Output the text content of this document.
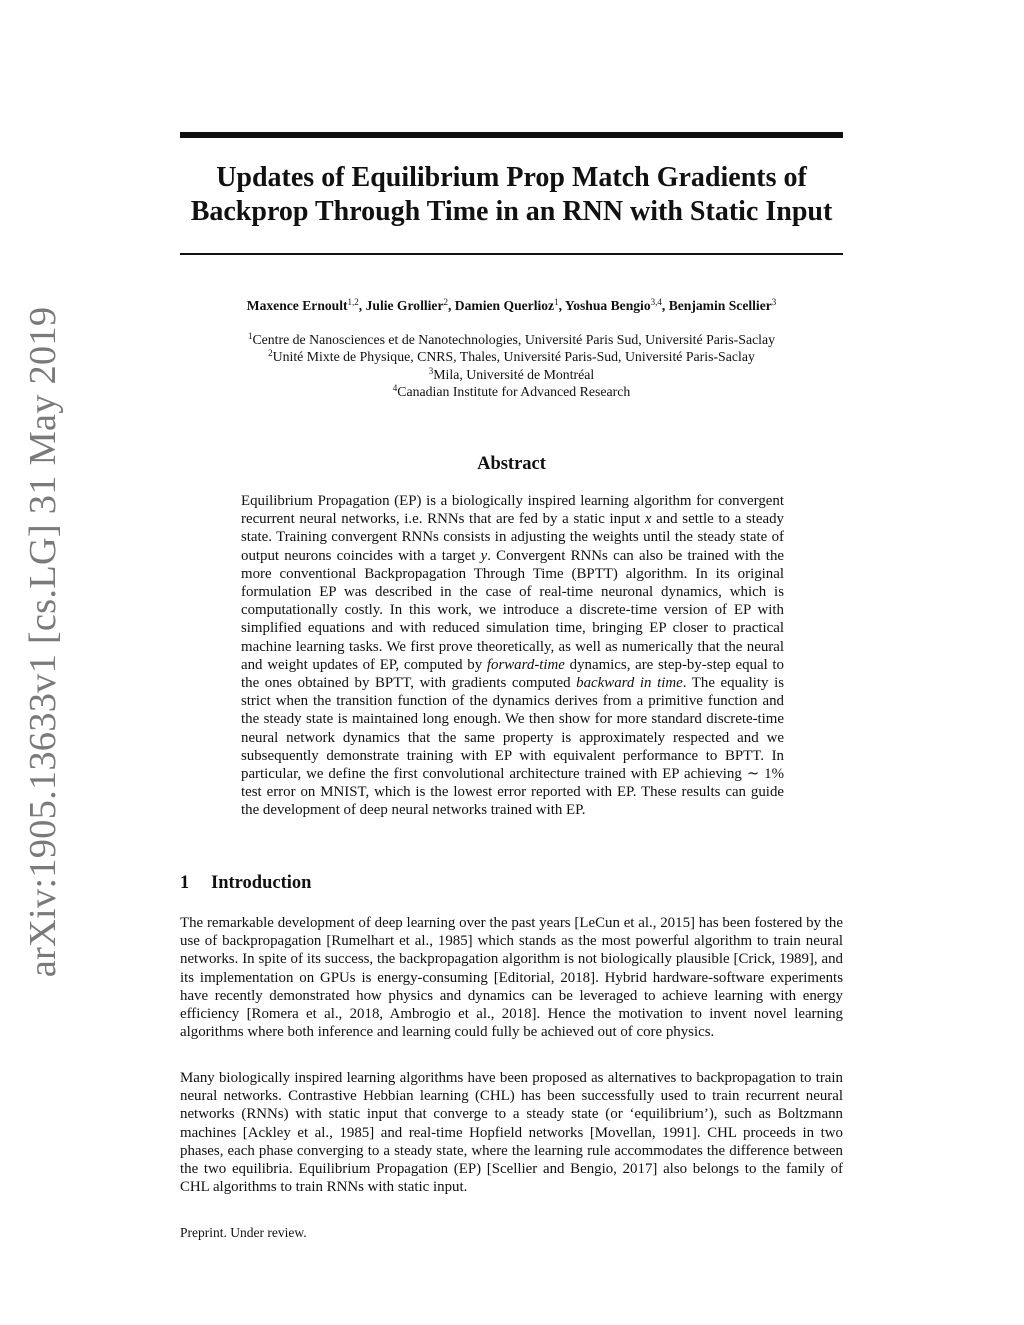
arXiv:1905.13633v1 [cs.LG] 31 May 2019
Updates of Equilibrium Prop Match Gradients of
Backprop Through Time in an RNN with Static Input
Maxence Ernoult$^{1,2}$, Julie Grollier$^2$, Damien Querlioz$^1$, Yoshua Bengio$^{3,4}$, Benjamin Scellier$^3$
$^1$Centre de Nanosciences et de Nanotechnologies, Université Paris Sud, Université Paris-Saclay
$^2$Unité Mixte de Physique, CNRS, Thales, Université Paris-Sud, Université Paris-Saclay
$^3$Mila, Université de Montréal
$^4$Canadian Institute for Advanced Research
Abstract

Equilibrium Propagation (EP) is a biologically inspired learning algorithm for convergent recurrent neural networks, i.e. RNNs that are fed by a static input x and settle to a steady state. Training convergent RNNs consists in adjusting the weights until the steady state of output neurons coincides with a target y. Convergent RNNs can also be trained with the more conventional Backpropagation Through Time (BPTT) algorithm. In its original formulation EP was described in the case of real-time neuronal dynamics, which is computationally costly. In this work, we introduce a discrete-time version of EP with simplified equations and with reduced simulation time, bringing EP closer to practical machine learning tasks. We first prove theoretically, as well as numerically that the neural and weight updates of EP, computed by forward-time dynamics, are step-by-step equal to the ones obtained by BPTT, with gradients computed backward in time. The equality is strict when the transition function of the dynamics derives from a primitive function and the steady state is maintained long enough. We then show for more standard discrete-time neural network dynamics that the same property is approximately respected and we subsequently demonstrate training with EP with equivalent performance to BPTT. In particular, we define the first convolutional architecture trained with EP achieving ∼ 1% test error on MNIST, which is the lowest error reported with EP. These results can guide the development of deep neural networks trained with EP.

1 Introduction

The remarkable development of deep learning over the past years [LeCun et al., 2015] has been fostered by the use of backpropagation [Rumelhart et al., 1985] which stands as the most powerful algorithm to train neural networks. In spite of its success, the backpropagation algorithm is not biologically plausible [Crick, 1989], and its implementation on GPUs is energy-consuming [Editorial, 2018]. Hybrid hardware-software experiments have recently demonstrated how physics and dynamics can be leveraged to achieve learning with energy efficiency [Romera et al., 2018, Ambrogio et al., 2018]. Hence the motivation to invent novel learning algorithms where both inference and learning could fully be achieved out of core physics.

Many biologically inspired learning algorithms have been proposed as alternatives to backpropagation to train neural networks. Contrastive Hebbian learning (CHL) has been successfully used to train recurrent neural networks (RNNs) with static input that converge to a steady state (or ‘equilibrium’), such as Boltzmann machines [Ackley et al., 1985] and real-time Hopfield networks [Movellan, 1991]. CHL proceeds in two phases, each phase converging to a steady state, where the learning rule accommodates the difference between the two equilibria. Equilibrium Propagation (EP) [Scellier and Bengio, 2017] also belongs to the family of CHL algorithms to train RNNs with static input.

Preprint. Under review.
